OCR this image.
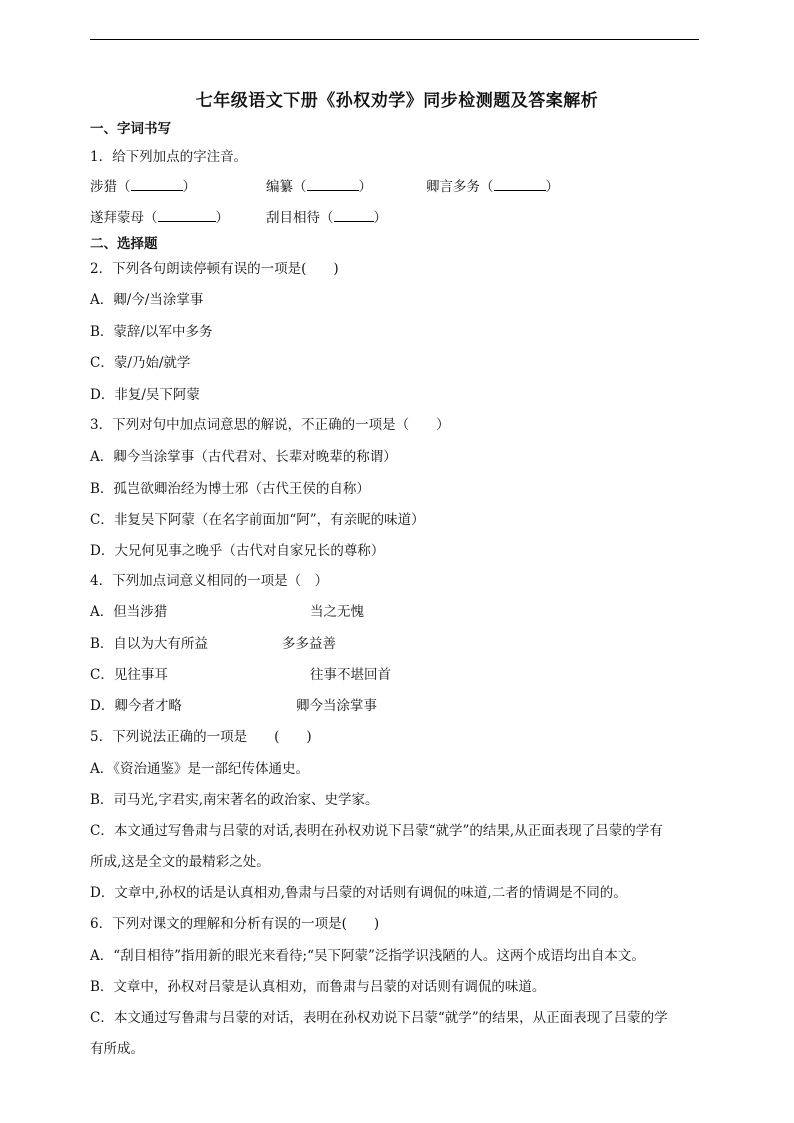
七年级语文下册《孙权劝学》同步检测题及答案解析
一、字词书写
1．给下列加点的字注音。
涉猎（	）	编纂（	）	卿言多务（	）
遂拜蒙母（	）	刮目相待（	）
二、选择题
2．下列各句朗读停顿有误的一项是(　　)
A．卿/今/当涂掌事
B．蒙辞/以军中多务
C．蒙/乃始/就学
D．非复/吴下阿蒙
3．下列对句中加点词意思的解说，不正确的一项是（　　）
A．卿今当涂掌事（古代君对、长辈对晚辈的称谓）
B．孤岂欲卿治经为博士邪（古代王侯的自称）
C．非复吴下阿蒙（在名字前面加“阿”，有亲昵的味道）
D．大兄何见事之晚乎（古代对自家兄长的尊称）
4．下列加点词意义相同的一项是（　）
A．但当涉猎	当之无愧
B．自以为大有所益	多多益善
C．见往事耳	往事不堪回首
D．卿今者才略	卿今当涂掌事
5．下列说法正确的一项是　　(　　)
A．《资治通鉴》是一部纪传体通史。
B．司马光,字君实,南宋著名的政治家、史学家。
C．本文通过写鲁肃与吕蒙的对话,表明在孙权劝说下吕蒙“就学”的结果,从正面表现了吕蒙的学有
所成,这是全文的最精彩之处。
D．文章中,孙权的话是认真相劝,鲁肃与吕蒙的对话则有调侃的味道,二者的情调是不同的。
6．下列对课文的理解和分析有误的一项是(　　)
A．“刮目相待”指用新的眼光来看待;“吴下阿蒙”泛指学识浅陋的人。这两个成语均出自本文。
B．文章中，孙权对吕蒙是认真相劝，而鲁肃与吕蒙的对话则有调侃的味道。
C．本文通过写鲁肃与吕蒙的对话，表明在孙权劝说下吕蒙“就学”的结果，从正面表现了吕蒙的学
有所成。
